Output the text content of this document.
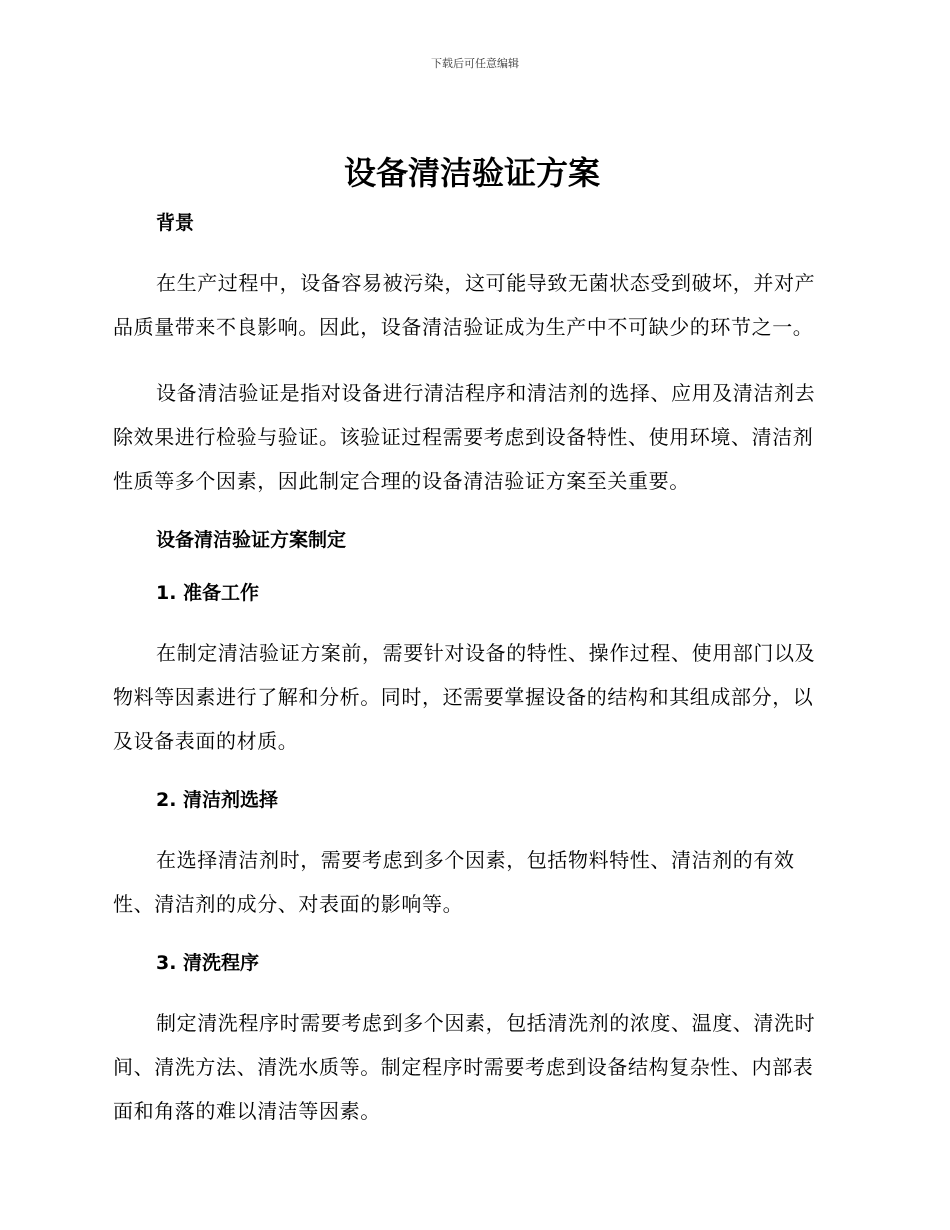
下载后可任意编辑
设备清洁验证方案
背景

在生产过程中，设备容易被污染，这可能导致无菌状态受到破坏，并对产品质量带来不良影响。因此，设备清洁验证成为生产中不可缺少的环节之一。

设备清洁验证是指对设备进行清洁程序和清洁剂的选择、应用及清洁剂去除效果进行检验与验证。该验证过程需要考虑到设备特性、使用环境、清洁剂性质等多个因素，因此制定合理的设备清洁验证方案至关重要。

设备清洁验证方案制定
1. 准备工作

在制定清洁验证方案前，需要针对设备的特性、操作过程、使用部门以及物料等因素进行了解和分析。同时，还需要掌握设备的结构和其组成部分，以及设备表面的材质。

2. 清洁剂选择

在选择清洁剂时，需要考虑到多个因素，包括物料特性、清洁剂的有效性、清洁剂的成分、对表面的影响等。

3. 清洗程序

制定清洗程序时需要考虑到多个因素，包括清洗剂的浓度、温度、清洗时间、清洗方法、清洗水质等。制定程序时需要考虑到设备结构复杂性、内部表面和角落的难以清洁等因素。
